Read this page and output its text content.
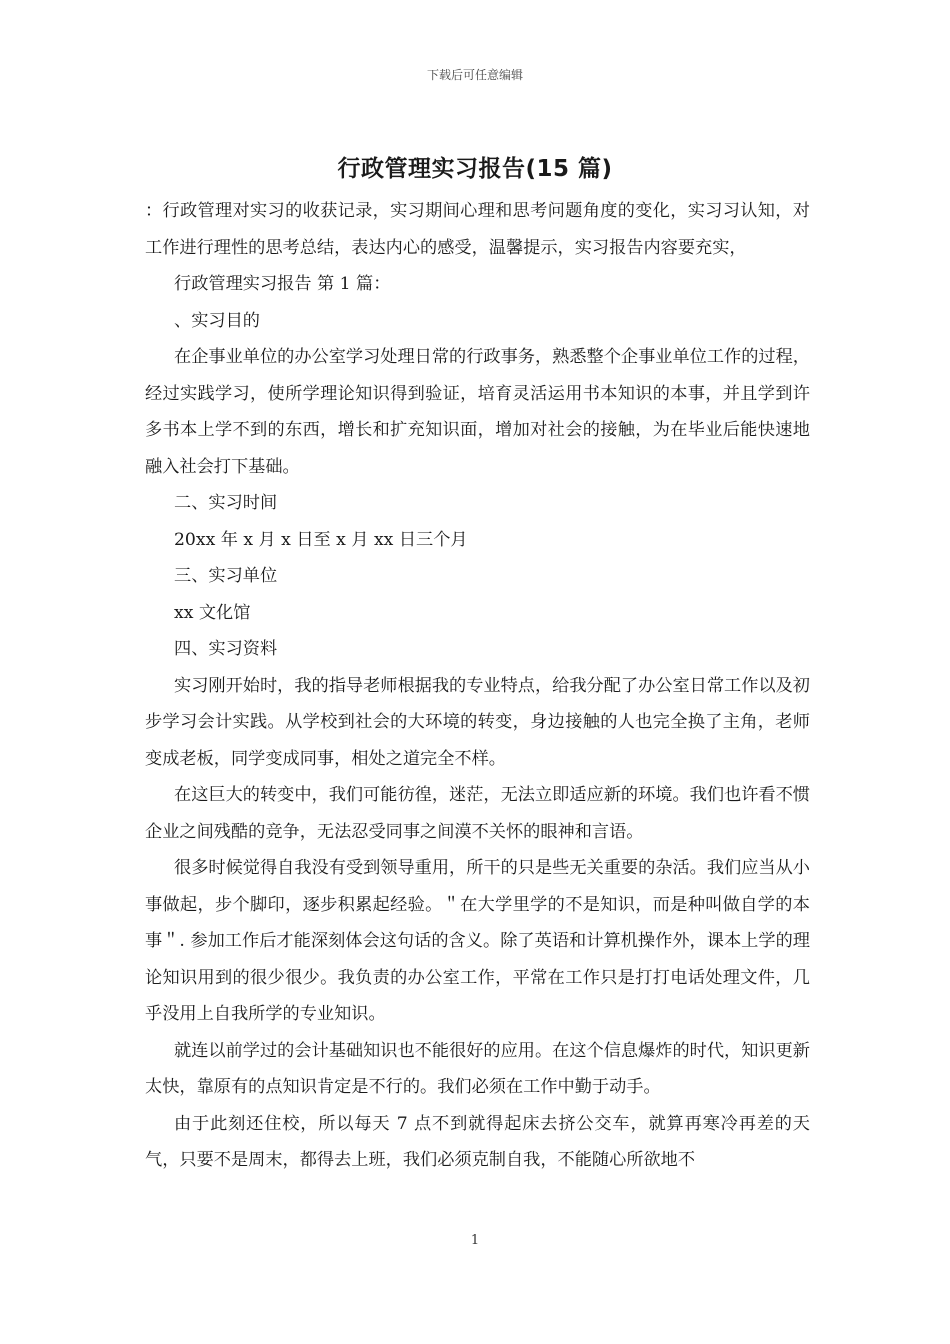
下载后可任意编辑
行政管理实习报告(15 篇)

：行政管理对实习的收获记录，实习期间心理和思考问题角度的变化，实习习认知，对工作进行理性的思考总结，表达内心的感受，温馨提示，实习报告内容要充实，

行政管理实习报告 第 1 篇：

、实习目的

在企事业单位的办公室学习处理日常的行政事务，熟悉整个企事业单位工作的过程，经过实践学习，使所学理论知识得到验证，培育灵活运用书本知识的本事，并且学到许多书本上学不到的东西，增长和扩充知识面，增加对社会的接触，为在毕业后能快速地融入社会打下基础。

二、实习时间

20xx 年 x 月 x 日至 x 月 xx 日三个月

三、实习单位

xx 文化馆

四、实习资料

实习刚开始时，我的指导老师根据我的专业特点，给我分配了办公室日常工作以及初步学习会计实践。从学校到社会的大环境的转变，身边接触的人也完全换了主角，老师变成老板，同学变成同事，相处之道完全不样。

在这巨大的转变中，我们可能彷徨，迷茫，无法立即适应新的环境。我们也许看不惯企业之间残酷的竞争，无法忍受同事之间漠不关怀的眼神和言语。

很多时候觉得自我没有受到领导重用，所干的只是些无关重要的杂活。我们应当从小事做起，步个脚印，逐步积累起经验。＂在大学里学的不是知识，而是种叫做自学的本事＂. 参加工作后才能深刻体会这句话的含义。除了英语和计算机操作外，课本上学的理论知识用到的很少很少。我负责的办公室工作，平常在工作只是打打电话处理文件，几乎没用上自我所学的专业知识。

就连以前学过的会计基础知识也不能很好的应用。在这个信息爆炸的时代，知识更新太快，靠原有的点知识肯定是不行的。我们必须在工作中勤于动手。

由于此刻还住校，所以每天 7 点不到就得起床去挤公交车，就算再寒冷再差的天气，只要不是周末，都得去上班，我们必须克制自我，不能随心所欲地不

1
